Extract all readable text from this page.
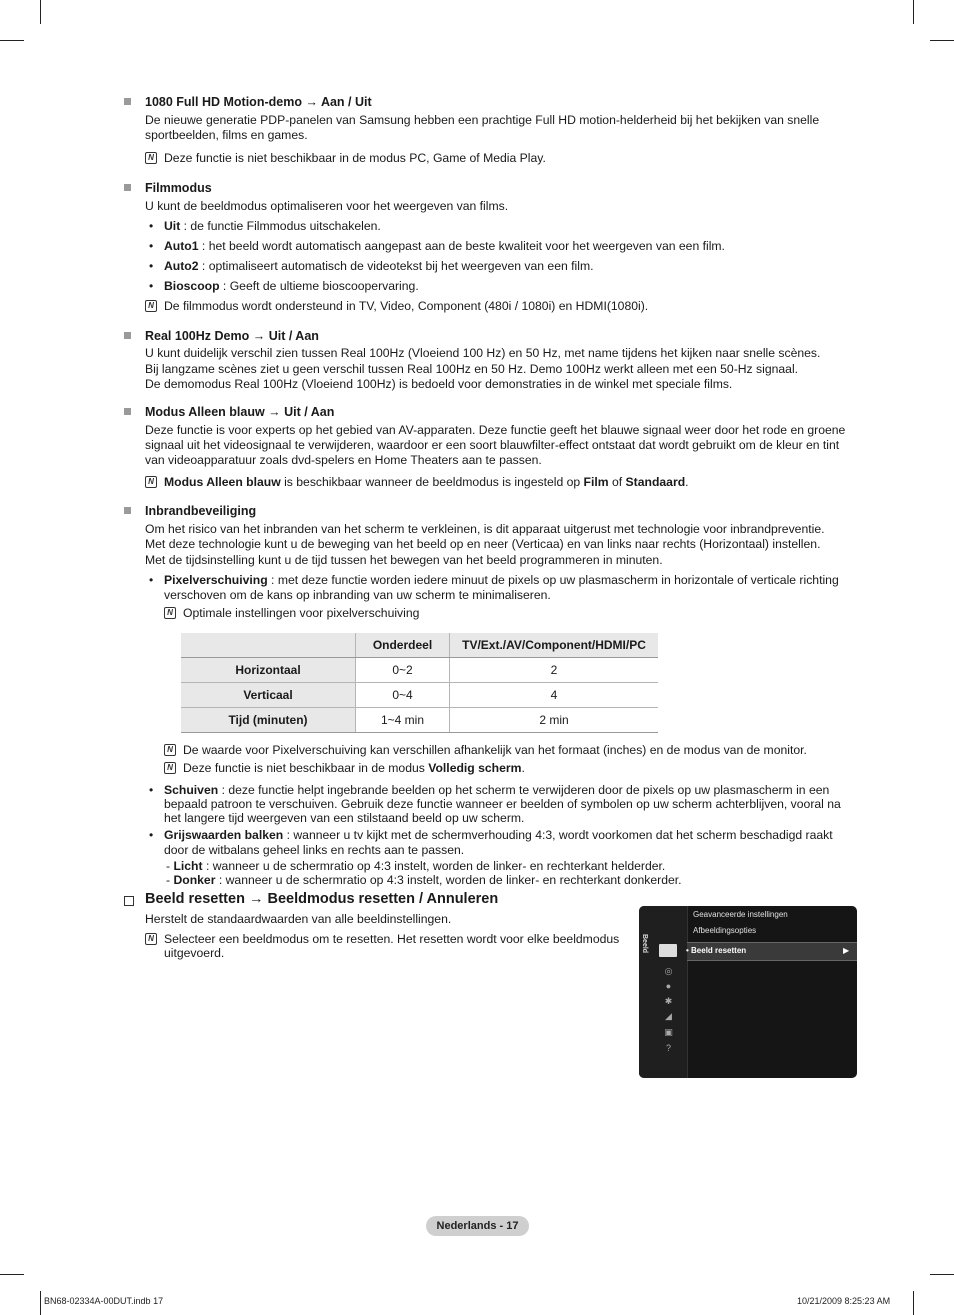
1080 Full HD Motion-demo → Aan / Uit
De nieuwe generatie PDP-panelen van Samsung hebben een prachtige Full HD motion-helderheid bij het bekijken van snelle
sportbeelden, films en games.
N Deze functie is niet beschikbaar in de modus PC, Game of Media Play.
Filmmodus
U kunt de beeldmodus optimaliseren voor het weergeven van films.
• Uit : de functie Filmmodus uitschakelen.
• Auto1 : het beeld wordt automatisch aangepast aan de beste kwaliteit voor het weergeven van een film.
• Auto2 : optimaliseert automatisch de videotekst bij het weergeven van een film.
• Bioscoop : Geeft de ultieme bioscoopervaring.
N De filmmodus wordt ondersteund in TV, Video, Component (480i / 1080i) en HDMI(1080i).
Real 100Hz Demo → Uit / Aan
U kunt duidelijk verschil zien tussen Real 100Hz (Vloeiend 100 Hz) en 50 Hz, met name tijdens het kijken naar snelle scènes.
Bij langzame scènes ziet u geen verschil tussen Real 100Hz en 50 Hz. Demo 100Hz werkt alleen met een 50-Hz signaal.
De demomodus Real 100Hz (Vloeiend 100Hz) is bedoeld voor demonstraties in de winkel met speciale films.
Modus Alleen blauw → Uit / Aan
Deze functie is voor experts op het gebied van AV-apparaten. Deze functie geeft het blauwe signaal weer door het rode en groene
signaal uit het videosignaal te verwijderen, waardoor er een soort blauwfilter-effect ontstaat dat wordt gebruikt om de kleur en tint
van videoapparatuur zoals dvd-spelers en Home Theaters aan te passen.
N Modus Alleen blauw is beschikbaar wanneer de beeldmodus is ingesteld op Film of Standaard.
Inbrandbeveiliging
Om het risico van het inbranden van het scherm te verkleinen, is dit apparaat uitgerust met technologie voor inbrandpreventie.
Met deze technologie kunt u de beweging van het beeld op en neer (Verticaa) en van links naar rechts (Horizontaal) instellen.
Met de tijdsinstelling kunt u de tijd tussen het bewegen van het beeld programmeren in minuten.
• Pixelverschuiving : met deze functie worden iedere minuut de pixels op uw plasmascherm in horizontale of verticale richting
verschoven om de kans op inbranding van uw scherm te minimaliseren.
N Optimale instellingen voor pixelverschuiving
	Onderdeel	TV/Ext./AV/Component/HDMI/PC
Horizontaal	0~2	2
Verticaal	0~4	4
Tijd (minuten)	1~4 min	2 min
N De waarde voor Pixelverschuiving kan verschillen afhankelijk van het formaat (inches) en de modus van de monitor.
N Deze functie is niet beschikbaar in de modus Volledig scherm.
• Schuiven : deze functie helpt ingebrande beelden op het scherm te verwijderen door de pixels op uw plasmascherm in een
bepaald patroon te verschuiven. Gebruik deze functie wanneer er beelden of symbolen op uw scherm achterblijven, vooral na
het langere tijd weergeven van een stilstaand beeld op uw scherm.
• Grijswaarden balken : wanneer u tv kijkt met de schermverhouding 4:3, wordt voorkomen dat het scherm beschadigd raakt
door de witbalans geheel links en rechts aan te passen.
- Licht : wanneer u de schermratio op 4:3 instelt, worden de linker- en rechterkant helderder.
- Donker : wanneer u de schermratio op 4:3 instelt, worden de linker- en rechterkant donkerder.
Beeld resetten → Beeldmodus resetten / Annuleren
Herstelt de standaardwaarden van alle beeldinstellingen.
N Selecteer een beeldmodus om te resetten. Het resetten wordt voor elke beeldmodus
uitgevoerd.	Beeld
◎
●
✱
◢
▣
?
Geavanceerde instellingen
Afbeeldingsopties
• Beeld resetten	▶
Nederlands - 17
BN68-02334A-00DUT.indb 17	10/21/2009 8:25:23 AM
